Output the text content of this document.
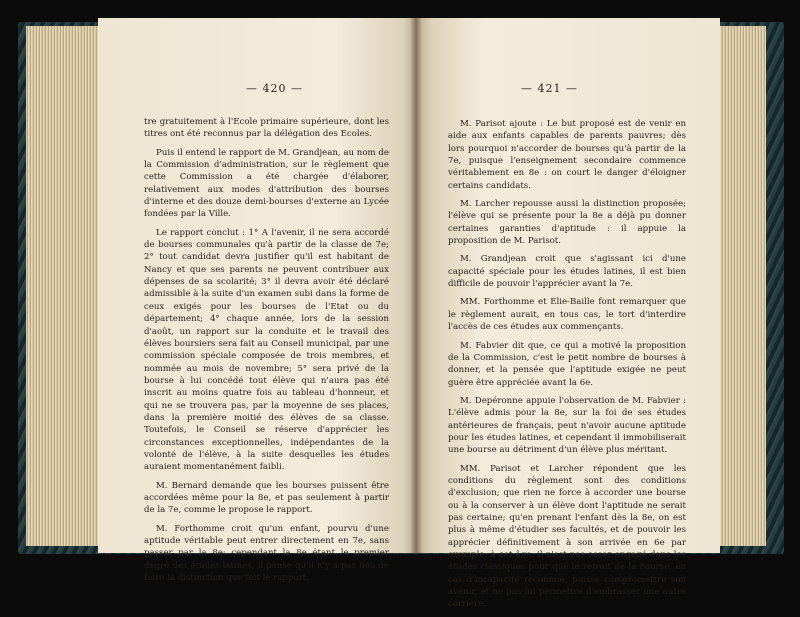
— 420 —

tre gratuitement à l'Ecole primaire supérieure, dont les titres ont été reconnus par la délégation des Ecoles.

Puis il entend le rapport de M. Grandjean, au nom de la Commission d'administration, sur le règlement que cette Commission a été chargée d'élaborer, relativement aux modes d'attribution des bourses d'interne et des douze demi-bourses d'externe au Lycée fondées par la Ville.

Le rapport conclut : 1° A l'avenir, il ne sera accordé de bourses communales qu'à partir de la classe de 7e; 2° tout candidat devra justifier qu'il est habitant de Nancy et que ses parents ne peuvent contribuer aux dépenses de sa scolarité; 3° il devra avoir été déclaré admissible à la suite d'un examen subi dans la forme de ceux exigés pour les bourses de l'Etat ou du département; 4° chaque année, lors de la session d'août, un rapport sur la conduite et le travail des élèves boursiers sera fait au Conseil municipal, par une commission spéciale composée de trois membres, et nommée au mois de novembre; 5° sera privé de la bourse à lui concédé tout élève qui n'aura pas été inscrit au moins quatre fois au tableau d'honneur, et qui ne se trouvera pas, par la moyenne de ses places, dans la première moitié des élèves de sa classe. Toutefois, le Conseil se réserve d'apprécier les circonstances exceptionnelles, indépendantes de la volonté de l'élève, à la suite desquelles les études auraient momentanément faibli.

M. Bernard demande que les bourses puissent être accordées même pour la 8e, et pas seulement à partir de la 7e, comme le propose le rapport.

M. Forthomme croit qu'un enfant, pourvu d'une aptitude véritable peut entrer directement en 7e, sans passer par la 8e; cependant la 8e étant le premier degré des études latines, il pense qu'il n'y a pas lieu de faire la distinction que fait le rapport.

— 421 —

M. Parisot ajoute : Le but proposé est de venir en aide aux enfants capables de parents pauvres; dès lors pourquoi n'accorder de bourses qu'à partir de la 7e, puisque l'enseignement secondaire commence véritablement en 8e : on court le danger d'éloigner certains candidats.

M. Larcher repousse aussi la distinction proposée; l'élève qui se présente pour la 8e a déjà pu donner certaines garanties d'aptitude : il appuie la proposition de M. Parisot.

M. Grandjean croit que s'agissant ici d'une capacité spéciale pour les études latines, il est bien difficile de pouvoir l'apprécier avant la 7e.

MM. Forthomme et Elie-Baille font remarquer que le règlement aurait, en tous cas, le tort d'interdire l'accès de ces études aux commençants.

M. Fabvier dit que, ce qui a motivé la proposition de la Commission, c'est le petit nombre de bourses à donner, et la pensée que l'aptitude exigée ne peut guère être appréciée avant la 6e.

M. Depéronne appuie l'observation de M. Fabvier : L'élève admis pour la 8e, sur la foi de ses études antérieures de français, peut n'avoir aucune aptitude pour les études latines, et cependant il immobiliserait une bourse au détriment d'un élève plus méritant.

MM. Parisot et Larcher répondent que les conditions du règlement sont des conditions d'exclusion; que rien ne force à accorder une bourse ou à la conserver à un élève dont l'aptitude ne serait pas certaine; qu'en prenant l'enfant dès la 8e, on est plus à même d'étudier ses facultés, et de pouvoir les apprécier définitivement à son arrivée en 6e par exemple; à cet âge, il n'est pas assez engagé dans les études classiques pour que le retrait de la bourse, en cas d'incapacité reconnue, puisse compromettre son avenir, et ne pas lui permettre d'embrasser une autre carrière.
